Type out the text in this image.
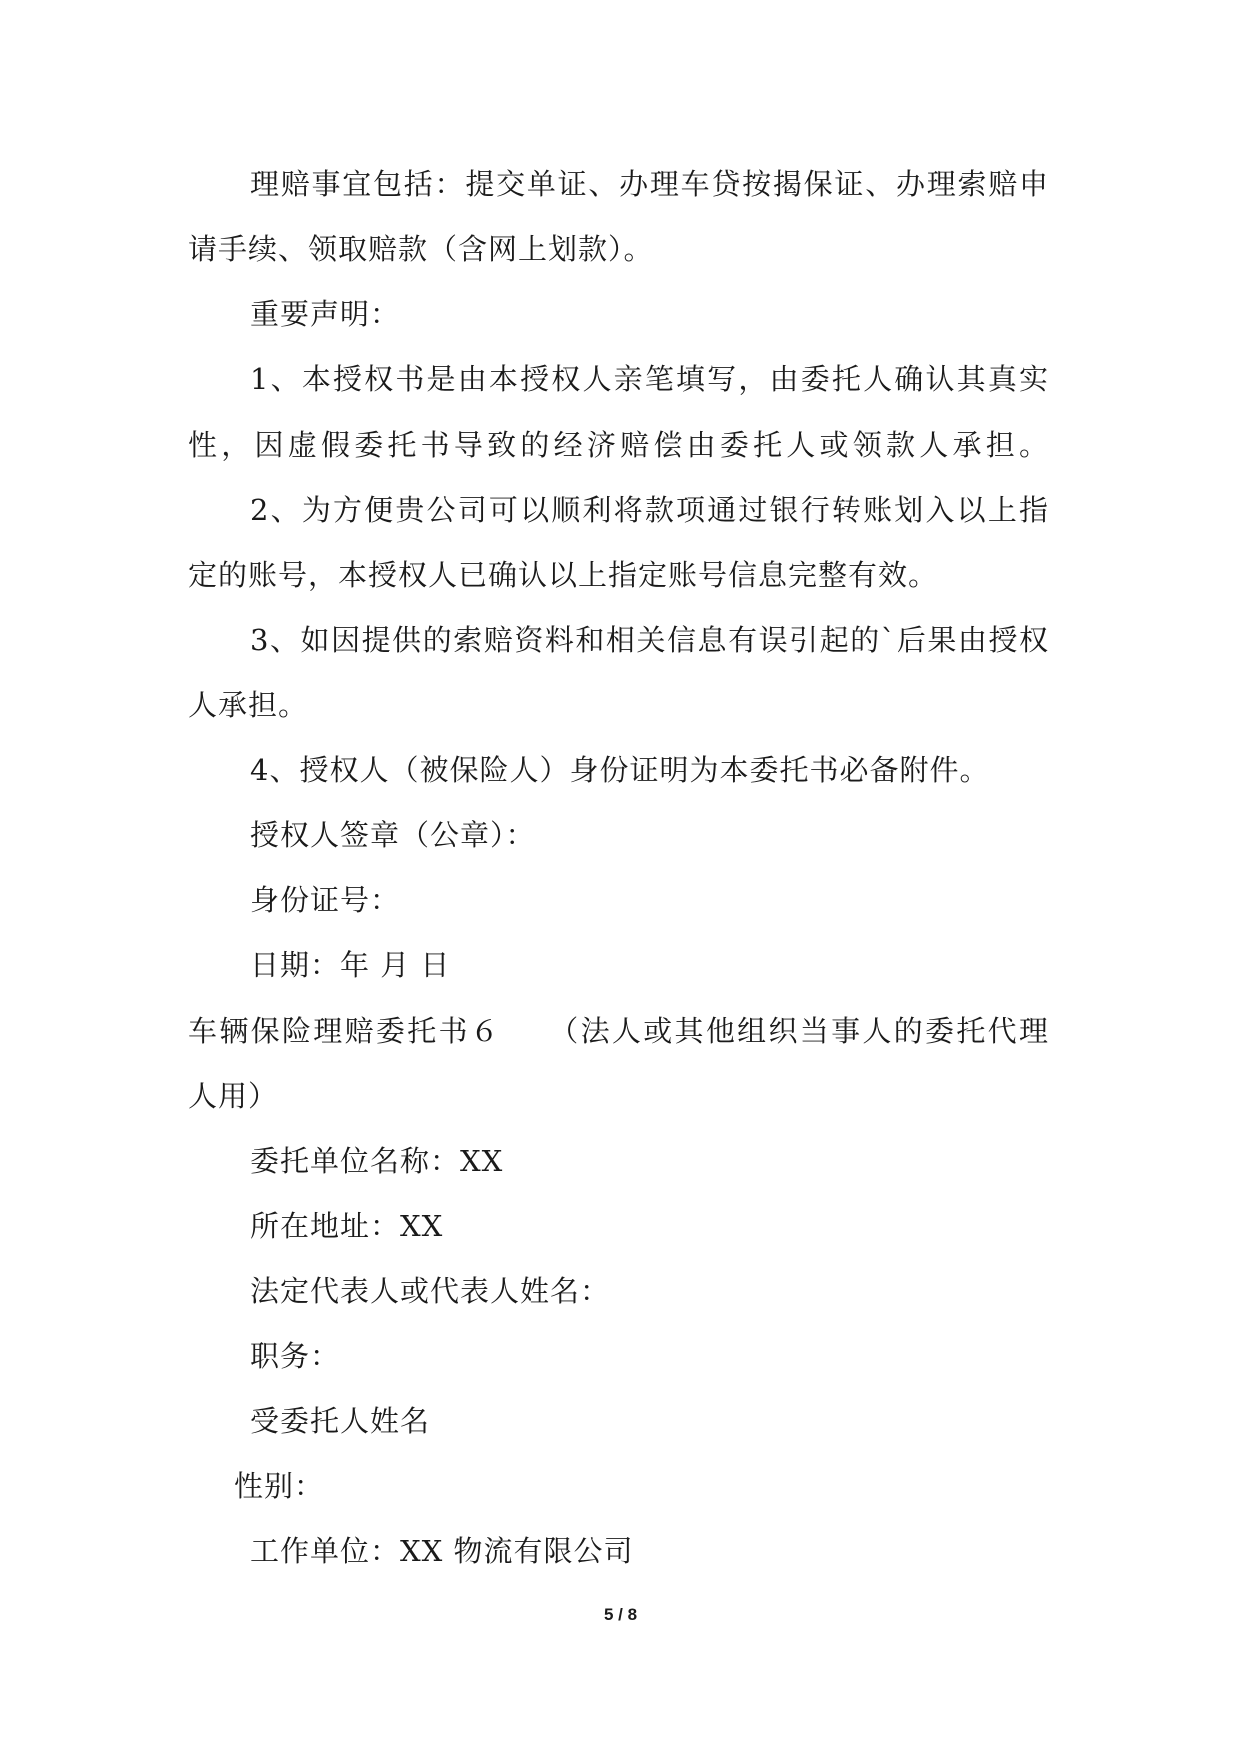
理赔事宜包括：提交单证、办理车贷按揭保证、办理索赔申
请手续、领取赔款（含网上划款）。
重要声明：
1、本授权书是由本授权人亲笔填写，由委托人确认其真实
性，因虚假委托书导致的经济赔偿由委托人或领款人承担。
2、为方便贵公司可以顺利将款项通过银行转账划入以上指
定的账号，本授权人已确认以上指定账号信息完整有效。
3、如因提供的索赔资料和相关信息有误引起的`后果由授权
人承担。
4、授权人（被保险人）身份证明为本委托书必备附件。
授权人签章（公章）：
身份证号：
日期：年 月 日
车辆保险理赔委托书６　　（法人或其他组织当事人的委托代理
人用）
委托单位名称：XX
所在地址：XX
法定代表人或代表人姓名：
职务：
受委托人姓名
性别：
工作单位：XX 物流有限公司
5 / 8
